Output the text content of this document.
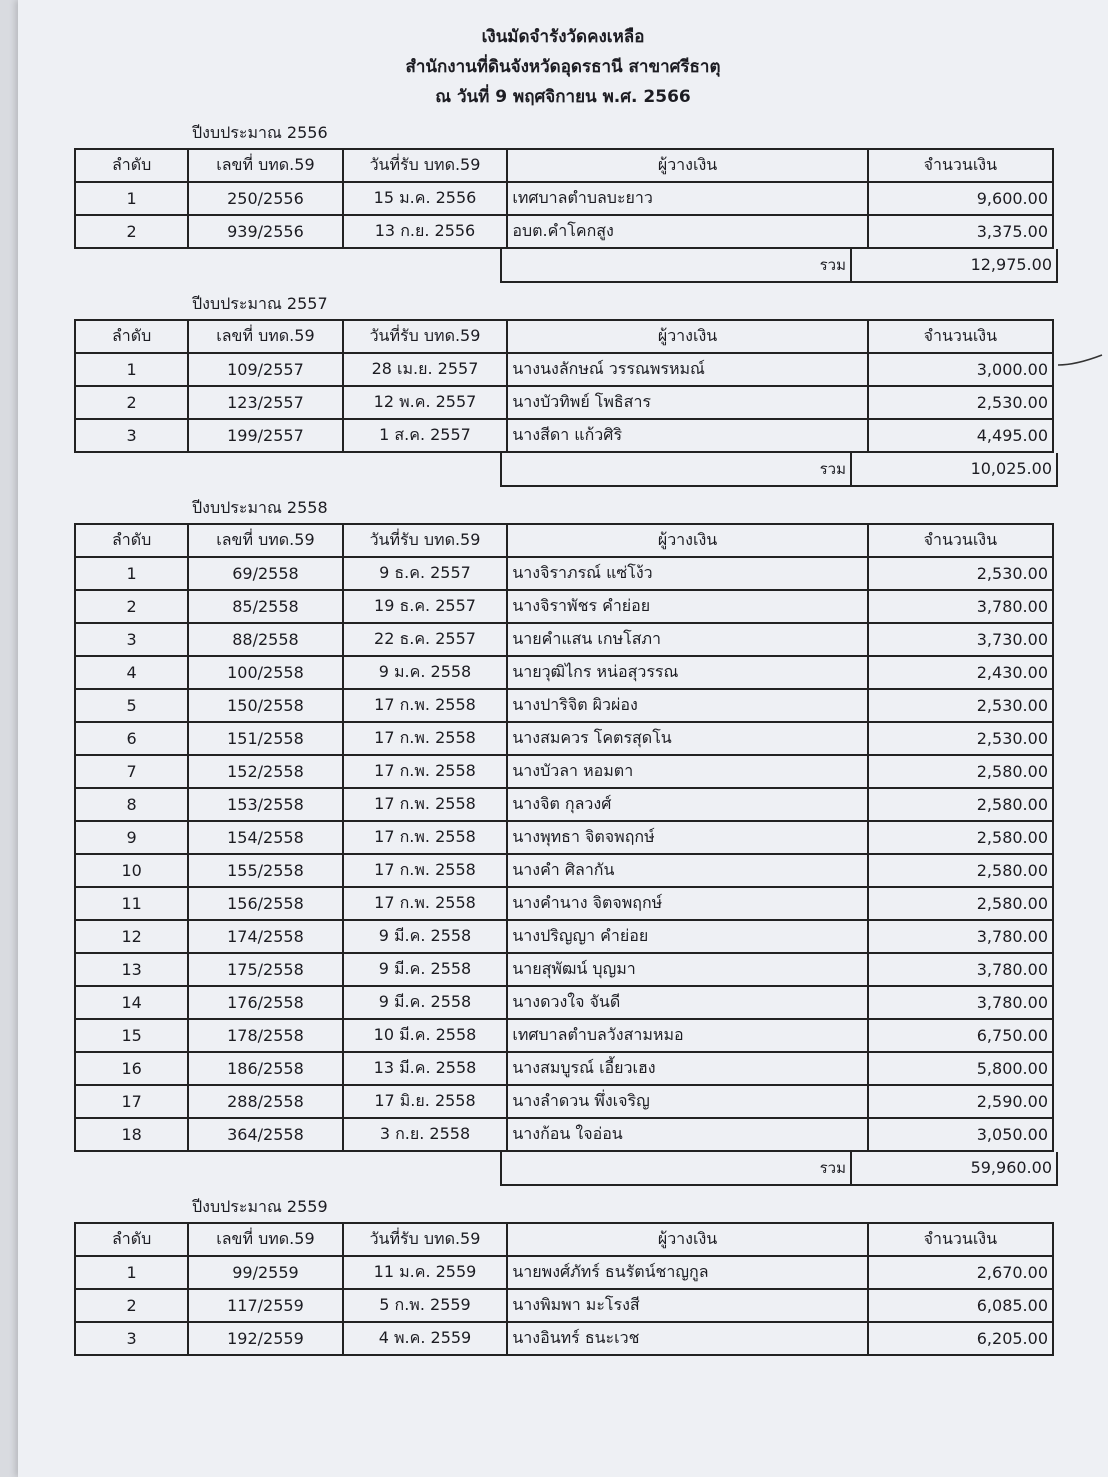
เงินมัดจำรังวัดคงเหลือ
สำนักงานที่ดินจังหวัดอุดรธานี สาขาศรีธาตุ
ณ วันที่ 9 พฤศจิกายน พ.ศ. 2566
ปีงบประมาณ 2556
ลำดับ	เลขที่ บทด.59	วันที่รับ บทด.59	ผู้วางเงิน	จำนวนเงิน
1	250/2556	15 ม.ค. 2556	เทศบาลตำบลบะยาว	9,600.00
2	939/2556	13 ก.ย. 2556	อบต.คำโคกสูง	3,375.00
รวม	12,975.00
ปีงบประมาณ 2557
ลำดับ	เลขที่ บทด.59	วันที่รับ บทด.59	ผู้วางเงิน	จำนวนเงิน
1	109/2557	28 เม.ย. 2557	นางนงลักษณ์ วรรณพรหมณ์	3,000.00
2	123/2557	12 พ.ค. 2557	นางบัวทิพย์ โพธิสาร	2,530.00
3	199/2557	1 ส.ค. 2557	นางสีดา แก้วศิริ	4,495.00
รวม	10,025.00
ปีงบประมาณ 2558
ลำดับ	เลขที่ บทด.59	วันที่รับ บทด.59	ผู้วางเงิน	จำนวนเงิน
1	69/2558	9 ธ.ค. 2557	นางจิราภรณ์ แซ่โง้ว	2,530.00
2	85/2558	19 ธ.ค. 2557	นางจิราพัชร คำย่อย	3,780.00
3	88/2558	22 ธ.ค. 2557	นายคำแสน เกษโสภา	3,730.00
4	100/2558	9 ม.ค. 2558	นายวุฒิไกร หน่อสุวรรณ	2,430.00
5	150/2558	17 ก.พ. 2558	นางปาริจิต ผิวผ่อง	2,530.00
6	151/2558	17 ก.พ. 2558	นางสมควร โคตรสุดโน	2,530.00
7	152/2558	17 ก.พ. 2558	นางบัวลา หอมตา	2,580.00
8	153/2558	17 ก.พ. 2558	นางจิต กุลวงศ์	2,580.00
9	154/2558	17 ก.พ. 2558	นางพุทธา จิตจพฤกษ์	2,580.00
10	155/2558	17 ก.พ. 2558	นางคำ ศิลากัน	2,580.00
11	156/2558	17 ก.พ. 2558	นางคำนาง จิตจพฤกษ์	2,580.00
12	174/2558	9 มี.ค. 2558	นางปริญญา คำย่อย	3,780.00
13	175/2558	9 มี.ค. 2558	นายสุพัฒน์ บุญมา	3,780.00
14	176/2558	9 มี.ค. 2558	นางดวงใจ จันดี	3,780.00
15	178/2558	10 มี.ค. 2558	เทศบาลตำบลวังสามหมอ	6,750.00
16	186/2558	13 มี.ค. 2558	นางสมบูรณ์ เอี้ยวเฮง	5,800.00
17	288/2558	17 มิ.ย. 2558	นางลำดวน พึ่งเจริญ	2,590.00
18	364/2558	3 ก.ย. 2558	นางก้อน ใจอ่อน	3,050.00
รวม	59,960.00
ปีงบประมาณ 2559
ลำดับ	เลขที่ บทด.59	วันที่รับ บทด.59	ผู้วางเงิน	จำนวนเงิน
1	99/2559	11 ม.ค. 2559	นายพงศ์ภัทร์ ธนรัตน์ชาญกูล	2,670.00
2	117/2559	5 ก.พ. 2559	นางพิมพา มะโรงสี	6,085.00
3	192/2559	4 พ.ค. 2559	นางอินทร์ ธนะเวช	6,205.00
